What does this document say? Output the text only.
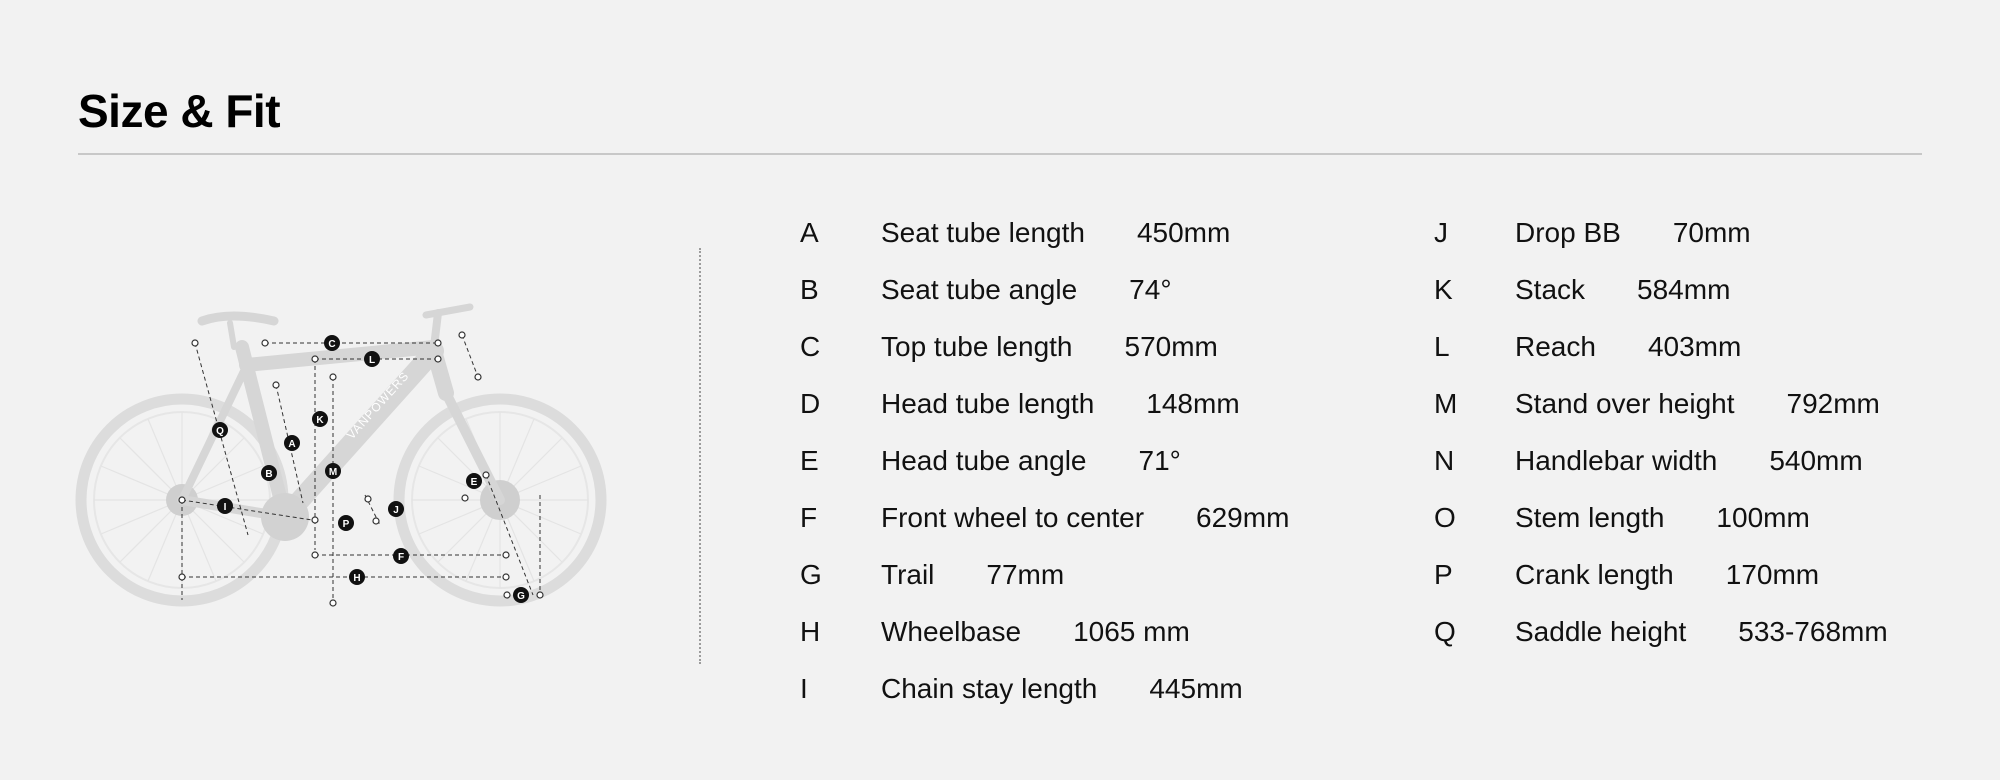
Size & Fit
VANPOWERS
C
L
K
Q
A
M
B
E
I	J
P
F
H
G
A	Seat tube length 450mm
B	Seat tube angle 74°
C	Top tube length 570mm
D	Head tube length 148mm
E	Head tube angle 71°
F	Front wheel to center 629mm
G	Trail 77mm
H	Wheelbase 1065 mm
I	Chain stay length 445mm
J	Drop BB 70mm
K	Stack 584mm
L	Reach 403mm
M	Stand over height 792mm
N	Handlebar width 540mm
O	Stem length 100mm
P	Crank length 170mm
Q	Saddle height 533-768mm
